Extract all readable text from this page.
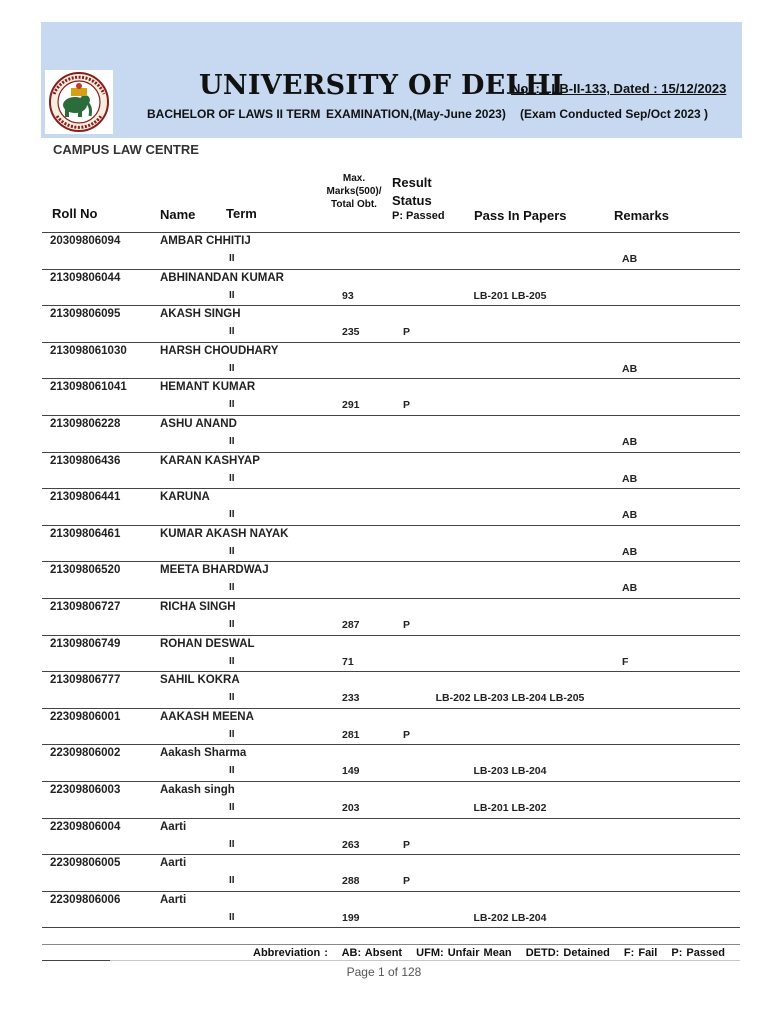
UNIVERSITY OF DELHI
No. : LLB-II-133, Dated : 15/12/2023
BACHELOR OF LAWS II TERM EXAMINATION,(May-June 2023) (Exam Conducted Sep/Oct 2023 )
CAMPUS LAW CENTRE
Roll No	Name Term
Max. Marks(500)/ Total Obt.
Result Status
P: Passed Pass In Papers	Remarks
20309806094	AMBAR CHHITIJ
II	AB
21309806044	ABHINANDAN KUMAR
II	93	LB-201 LB-205
21309806095	AKASH SINGH
II	235	P
213098061030	HARSH CHOUDHARY
II	AB
213098061041	HEMANT KUMAR
II	291	P
21309806228	ASHU ANAND
II	AB
21309806436	KARAN KASHYAP
II	AB
21309806441	KARUNA
II	AB
21309806461	KUMAR AKASH NAYAK
II	AB
21309806520	MEETA BHARDWAJ
II	AB
21309806727	RICHA SINGH
II	287	P
21309806749	ROHAN DESWAL
II	71	F
21309806777	SAHIL KOKRA
II	233	LB-202 LB-203 LB-204 LB-205
22309806001	AAKASH MEENA
II	281	P
22309806002	Aakash Sharma
II	149	LB-203 LB-204
22309806003	Aakash singh
II	203	LB-201 LB-202
22309806004	Aarti
II	263	P
22309806005	Aarti
II	288	P
22309806006	Aarti
II	199	LB-202 LB-204
Abbreviation : AB: Absent UFM: Unfair Mean DETD: Detained F: Fail P: Passed
Page 1 of 128
